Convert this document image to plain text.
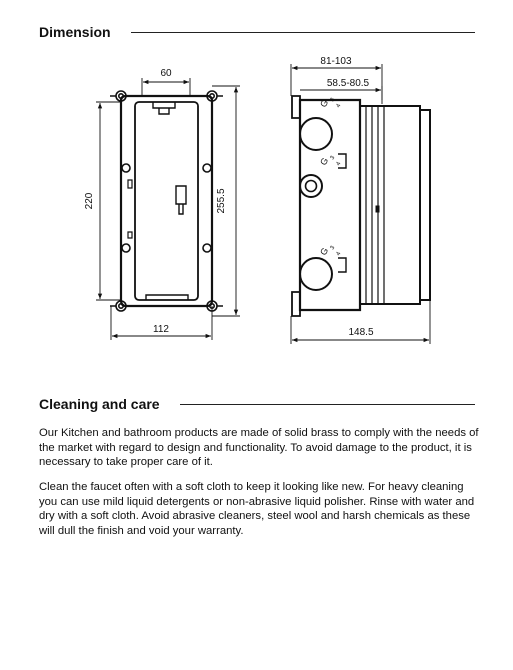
Dimension
60
220	255.5
112
G 3
4
G 3
4
G 3
4
81-103
58.5-80.5
148.5
Cleaning and care

Our Kitchen and bathroom products are made of solid brass to comply with the needs of the market with regard to design and functionality. To avoid damage to the product, it is necessary to take proper care of it.

Clean the faucet often with a soft cloth to keep it looking like new. For heavy cleaning you can use mild liquid detergents or non-abrasive liquid polisher. Rinse with water and dry with a soft cloth. Avoid abrasive cleaners, steel wool and harsh chemicals as these will dull the finish and void your warranty.
